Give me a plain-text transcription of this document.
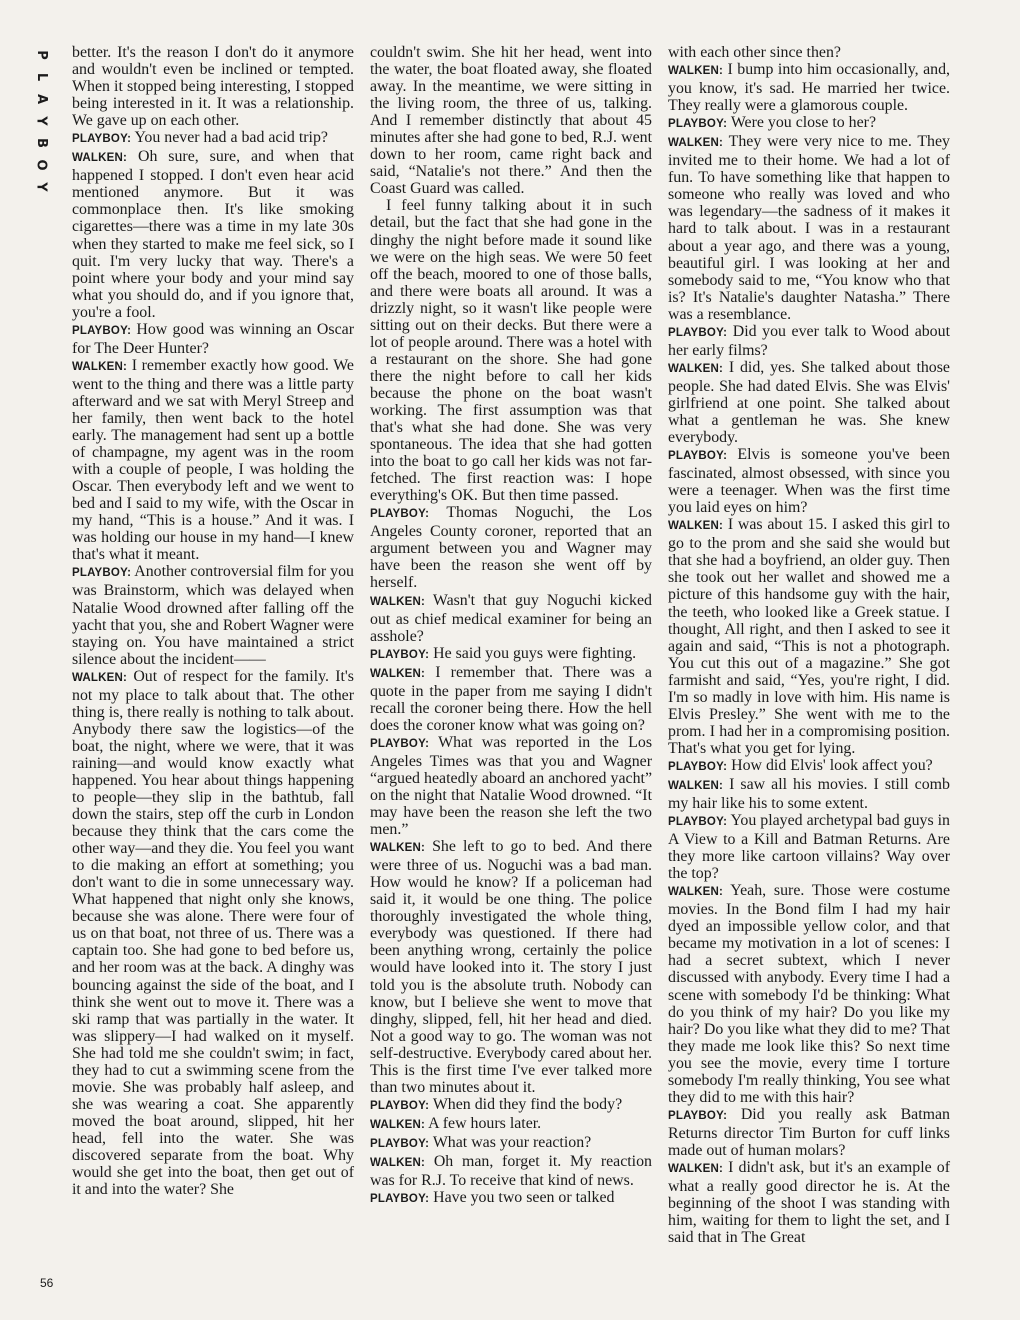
P
L
A
Y
B
O
Y

better. It's the reason I don't do it anymore and wouldn't even be inclined or tempted. When it stopped being interesting, I stopped being interested in it. It was a relationship. We gave up on each other.

PLAYBOY: You never had a bad acid trip?

WALKEN: Oh sure, sure, and when that happened I stopped. I don't even hear acid mentioned anymore. But it was commonplace then. It's like smoking cigarettes—there was a time in my late 30s when they started to make me feel sick, so I quit. I'm very lucky that way. There's a point where your body and your mind say what you should do, and if you ignore that, you're a fool.

PLAYBOY: How good was winning an Oscar for The Deer Hunter?

WALKEN: I remember exactly how good. We went to the thing and there was a little party afterward and we sat with Meryl Streep and her family, then went back to the hotel early. The management had sent up a bottle of champagne, my agent was in the room with a couple of people, I was holding the Oscar. Then everybody left and we went to bed and I said to my wife, with the Oscar in my hand, “This is a house.” And it was. I was holding our house in my hand—I knew that's what it meant.

PLAYBOY: Another controversial film for you was Brainstorm, which was delayed when Natalie Wood drowned after falling off the yacht that you, she and Robert Wagner were staying on. You have maintained a strict silence about the incident——

WALKEN: Out of respect for the family. It's not my place to talk about that. The other thing is, there really is nothing to talk about. Anybody there saw the logistics—of the boat, the night, where we were, that it was raining—and would know exactly what happened. You hear about things happening to people—they slip in the bathtub, fall down the stairs, step off the curb in London because they think that the cars come the other way—and they die. You feel you want to die making an effort at something; you don't want to die in some unnecessary way. What happened that night only she knows, because she was alone. There were four of us on that boat, not three of us. There was a captain too. She had gone to bed before us, and her room was at the back. A dinghy was bouncing against the side of the boat, and I think she went out to move it. There was a ski ramp that was partially in the water. It was slippery—I had walked on it myself. She had told me she couldn't swim; in fact, they had to cut a swimming scene from the movie. She was probably half asleep, and she was wearing a coat. She apparently moved the boat around, slipped, hit her head, fell into the water. She was discovered separate from the boat. Why would she get into the boat, then get out of it and into the water? She

couldn't swim. She hit her head, went into the water, the boat floated away, she floated away. In the meantime, we were sitting in the living room, the three of us, talking. And I remember distinctly that about 45 minutes after she had gone to bed, R.J. went down to her room, came right back and said, “Natalie's not there.” And then the Coast Guard was called.

I feel funny talking about it in such detail, but the fact that she had gone in the dinghy the night before made it sound like we were on the high seas. We were 50 feet off the beach, moored to one of those balls, and there were boats all around. It was a drizzly night, so it wasn't like people were sitting out on their decks. But there were a lot of people around. There was a hotel with a restaurant on the shore. She had gone there the night before to call her kids because the phone on the boat wasn't working. The first assumption was that that's what she had done. She was very spontaneous. The idea that she had gotten into the boat to go call her kids was not far-fetched. The first reaction was: I hope everything's OK. But then time passed.

PLAYBOY: Thomas Noguchi, the Los Angeles County coroner, reported that an argument between you and Wagner may have been the reason she went off by herself.

WALKEN: Wasn't that guy Noguchi kicked out as chief medical examiner for being an asshole?

PLAYBOY: He said you guys were fighting.

WALKEN: I remember that. There was a quote in the paper from me saying I didn't recall the coroner being there. How the hell does the coroner know what was going on?

PLAYBOY: What was reported in the Los Angeles Times was that you and Wagner “argued heatedly aboard an anchored yacht” on the night that Natalie Wood drowned. “It may have been the reason she left the two men.”

WALKEN: She left to go to bed. And there were three of us. Noguchi was a bad man. How would he know? If a policeman had said it, it would be one thing. The police thoroughly investigated the whole thing, everybody was questioned. If there had been anything wrong, certainly the police would have looked into it. The story I just told you is the absolute truth. Nobody can know, but I believe she went to move that dinghy, slipped, fell, hit her head and died. Not a good way to go. The woman was not self-destructive. Everybody cared about her. This is the first time I've ever talked more than two minutes about it.

PLAYBOY: When did they find the body?

WALKEN: A few hours later.

PLAYBOY: What was your reaction?

WALKEN: Oh man, forget it. My reaction was for R.J. To receive that kind of news.

PLAYBOY: Have you two seen or talked

with each other since then?

WALKEN: I bump into him occasionally, and, you know, it's sad. He married her twice. They really were a glamorous couple.

PLAYBOY: Were you close to her?

WALKEN: They were very nice to me. They invited me to their home. We had a lot of fun. To have something like that happen to someone who really was loved and who was legendary—the sadness of it makes it hard to talk about. I was in a restaurant about a year ago, and there was a young, beautiful girl. I was looking at her and somebody said to me, “You know who that is? It's Natalie's daughter Natasha.” There was a resemblance.

PLAYBOY: Did you ever talk to Wood about her early films?

WALKEN: I did, yes. She talked about those people. She had dated Elvis. She was Elvis' girlfriend at one point. She talked about what a gentleman he was. She knew everybody.

PLAYBOY: Elvis is someone you've been fascinated, almost obsessed, with since you were a teenager. When was the first time you laid eyes on him?

WALKEN: I was about 15. I asked this girl to go to the prom and she said she would but that she had a boyfriend, an older guy. Then she took out her wallet and showed me a picture of this handsome guy with the hair, the teeth, who looked like a Greek statue. I thought, All right, and then I asked to see it again and said, “This is not a photograph. You cut this out of a magazine.” She got farmisht and said, “Yes, you're right, I did. I'm so madly in love with him. His name is Elvis Presley.” She went with me to the prom. I had her in a compromising position. That's what you get for lying.

PLAYBOY: How did Elvis' look affect you?

WALKEN: I saw all his movies. I still comb my hair like his to some extent.

PLAYBOY: You played archetypal bad guys in A View to a Kill and Batman Returns. Are they more like cartoon villains? Way over the top?

WALKEN: Yeah, sure. Those were costume movies. In the Bond film I had my hair dyed an impossible yellow color, and that became my motivation in a lot of scenes: I had a secret subtext, which I never discussed with anybody. Every time I had a scene with somebody I'd be thinking: What do you think of my hair? Do you like my hair? Do you like what they did to me? That they made me look like this? So next time you see the movie, every time I torture somebody I'm really thinking, You see what they did to me with this hair?

PLAYBOY: Did you really ask Batman Returns director Tim Burton for cuff links made out of human molars?

WALKEN: I didn't ask, but it's an example of what a really good director he is. At the beginning of the shoot I was standing with him, waiting for them to light the set, and I said that in The Great

56
